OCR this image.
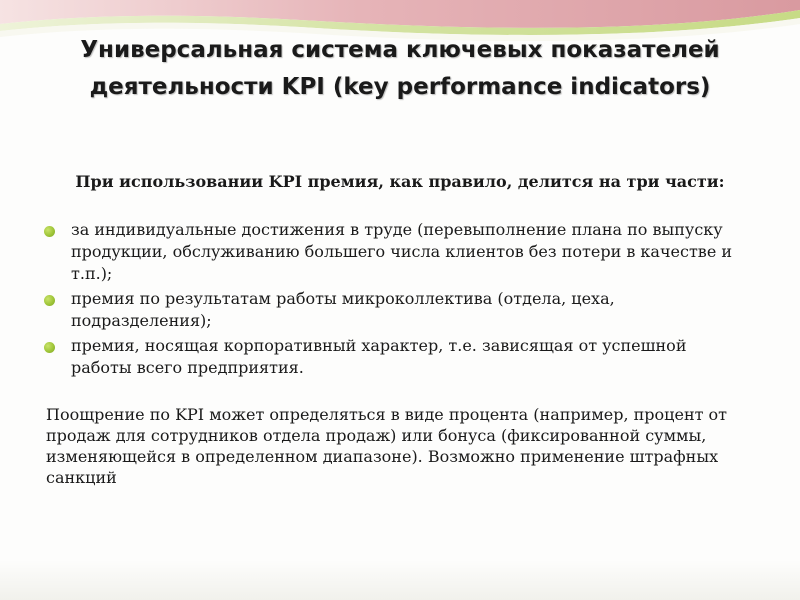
Универсальная система ключевых показателей деятельности KPI (key performance indicators)

При использовании KPI премия, как правило, делится на три части:

за индивидуальные достижения в труде (перевыполнение плана по выпуску продукции, обслуживанию большего числа клиентов без потери в качестве и т.п.);
премия по результатам работы микроколлектива (отдела, цеха, подразделения);
премия, носящая корпоративный характер, т.е. зависящая от успешной работы всего предприятия.

Поощрение по KPI может определяться в виде процента (например, процент от продаж для сотрудников отдела продаж) или бонуса (фиксированной суммы, изменяющейся в определенном диапазоне). Возможно применение штрафных санкций
